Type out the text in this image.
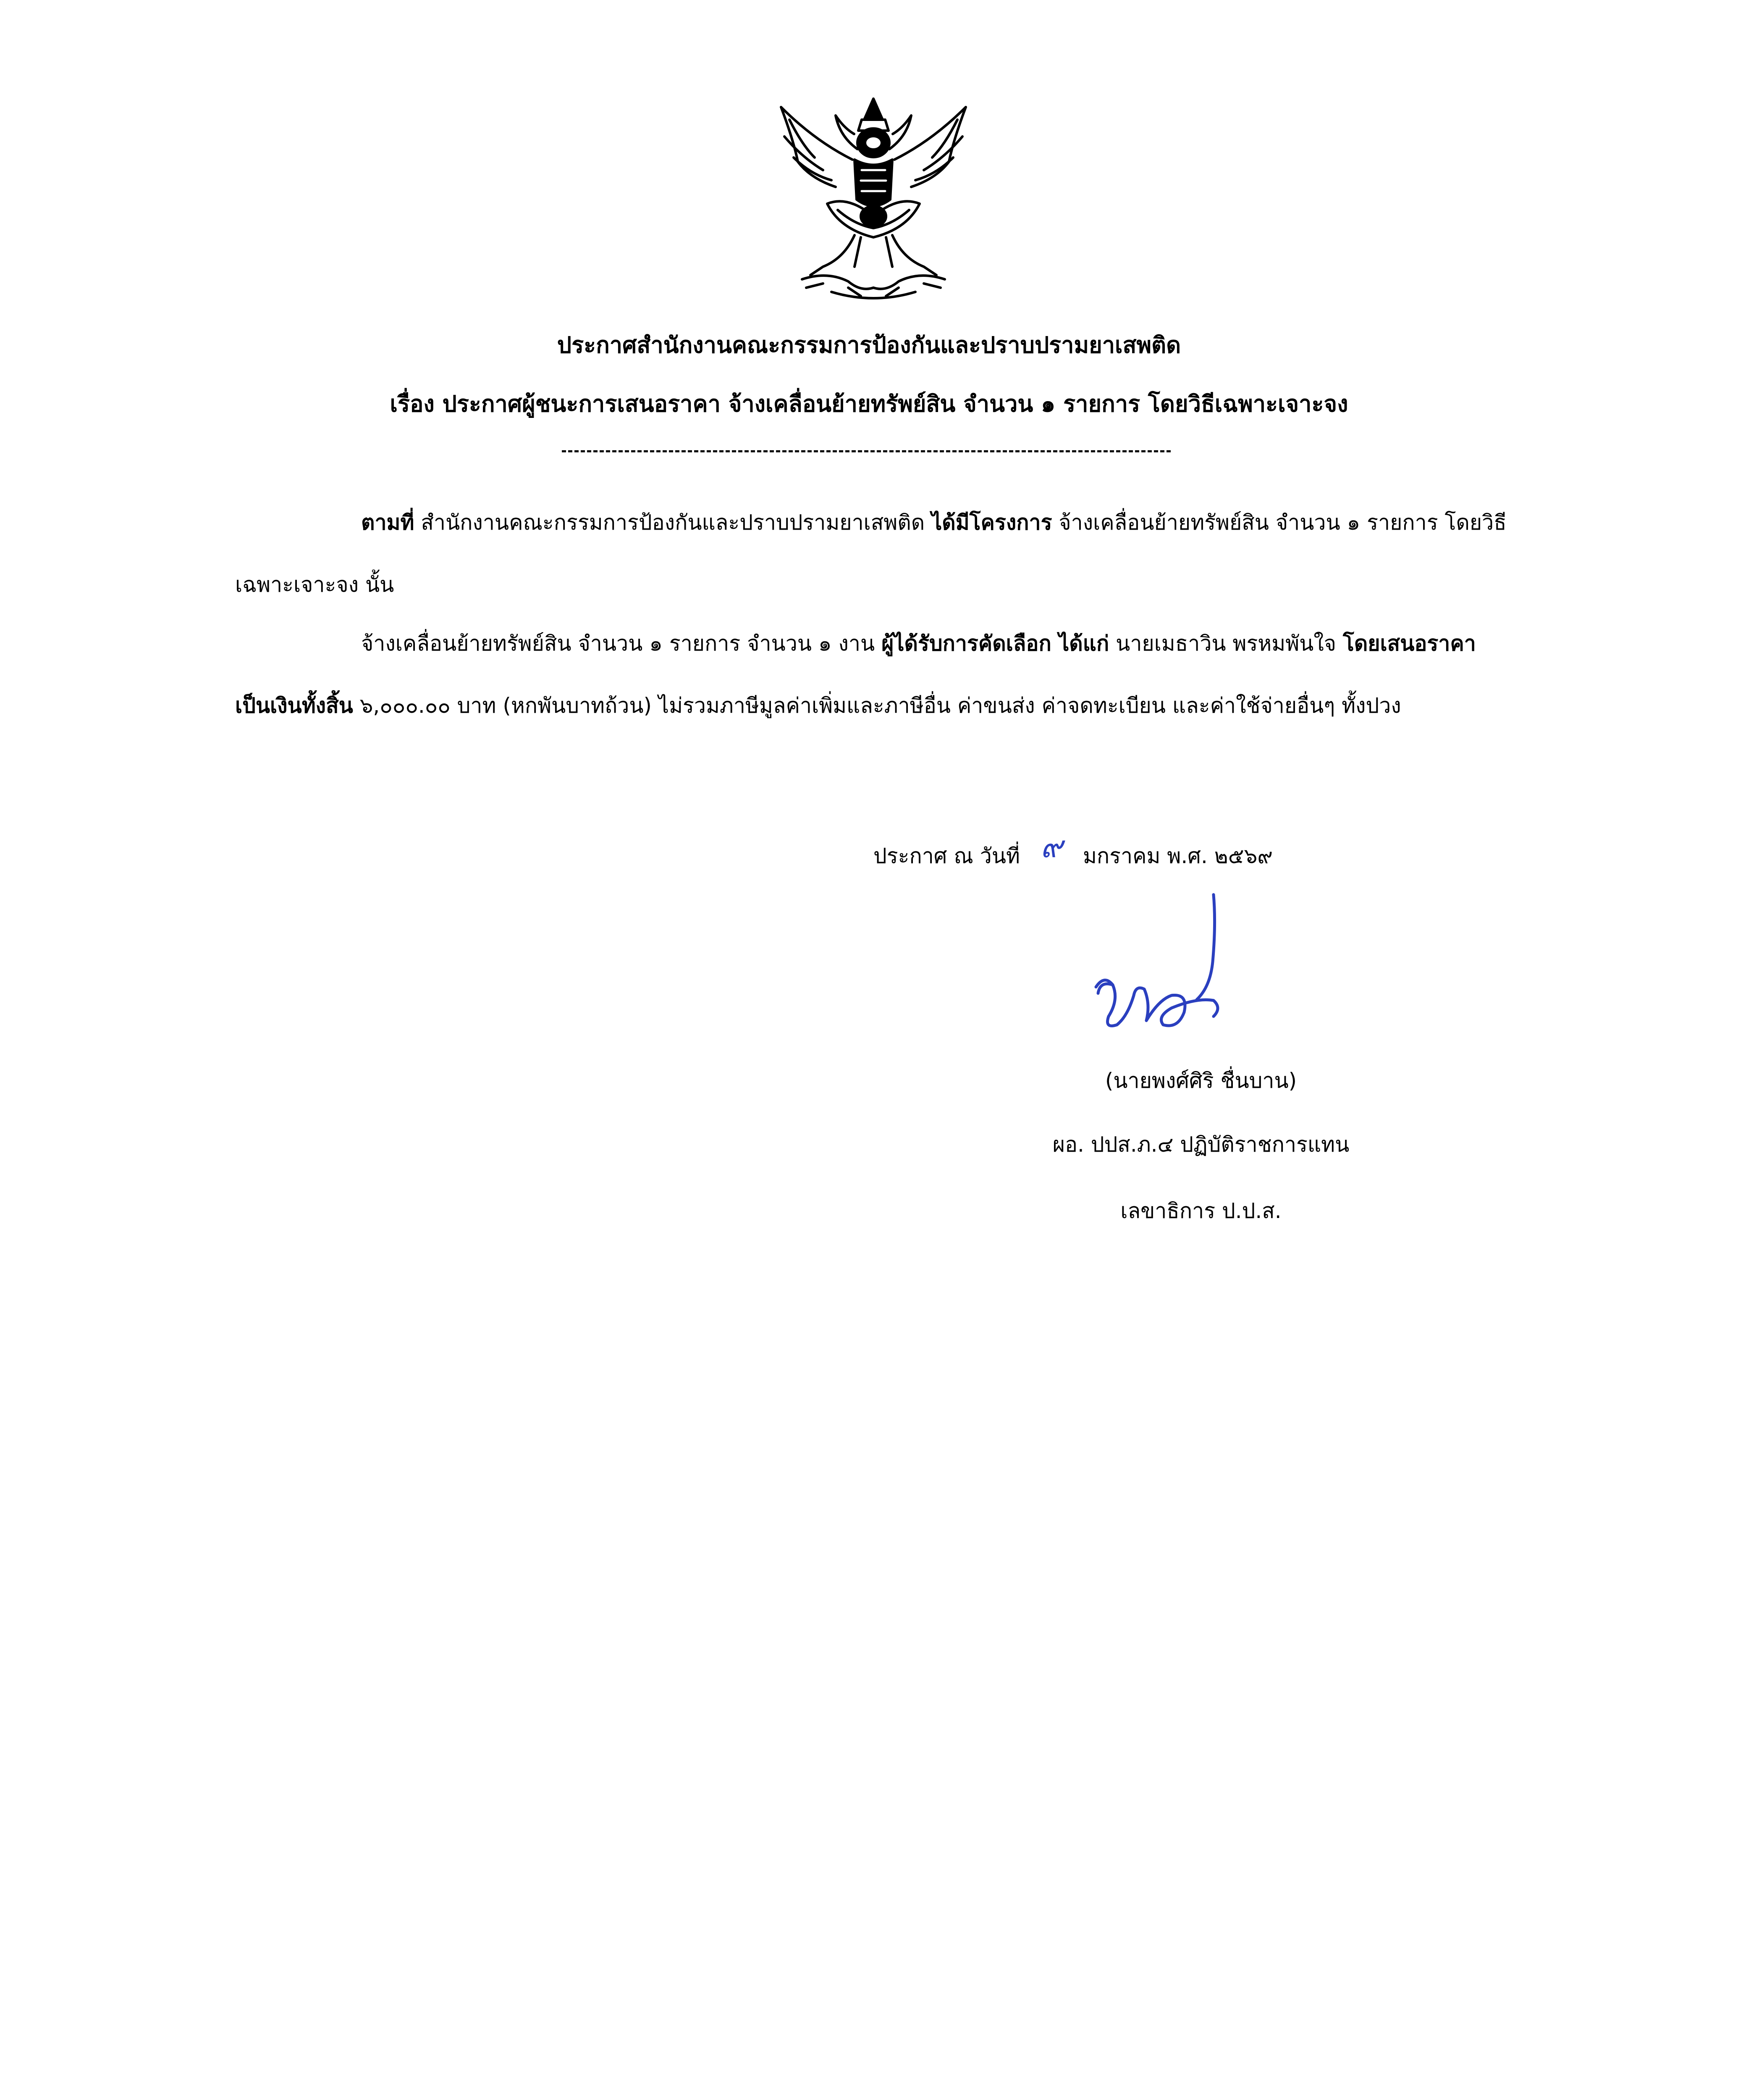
ประกาศสำนักงานคณะกรรมการป้องกันและปราบปรามยาเสพติด
เรื่อง ประกาศผู้ชนะการเสนอราคา จ้างเคลื่อนย้ายทรัพย์สิน จำนวน ๑ รายการ โดยวิธีเฉพาะเจาะจง
ตามที่ สำนักงานคณะกรรมการป้องกันและปราบปรามยาเสพติด ได้มีโครงการ จ้างเคลื่อนย้ายทรัพย์สิน จำนวน ๑ รายการ โดยวิธีเฉพาะเจาะจง นั้น
จ้างเคลื่อนย้ายทรัพย์สิน จำนวน ๑ รายการ จำนวน ๑ งาน ผู้ได้รับการคัดเลือก ได้แก่ นายเมธาวิน พรหมพันใจ โดยเสนอราคา เป็นเงินทั้งสิ้น ๖,๐๐๐.๐๐ บาท (หกพันบาทถ้วน) ไม่รวมภาษีมูลค่าเพิ่มและภาษีอื่น ค่าขนส่ง ค่าจดทะเบียน และค่าใช้จ่ายอื่นๆ ทั้งปวง
ประกาศ ณ วันที่ ๙ มกราคม พ.ศ. ๒๕๖๙
(นายพงศ์ศิริ ชื่นบาน)
ผอ. ปปส.ภ.๔ ปฏิบัติราชการแทน
เลขาธิการ ป.ป.ส.
